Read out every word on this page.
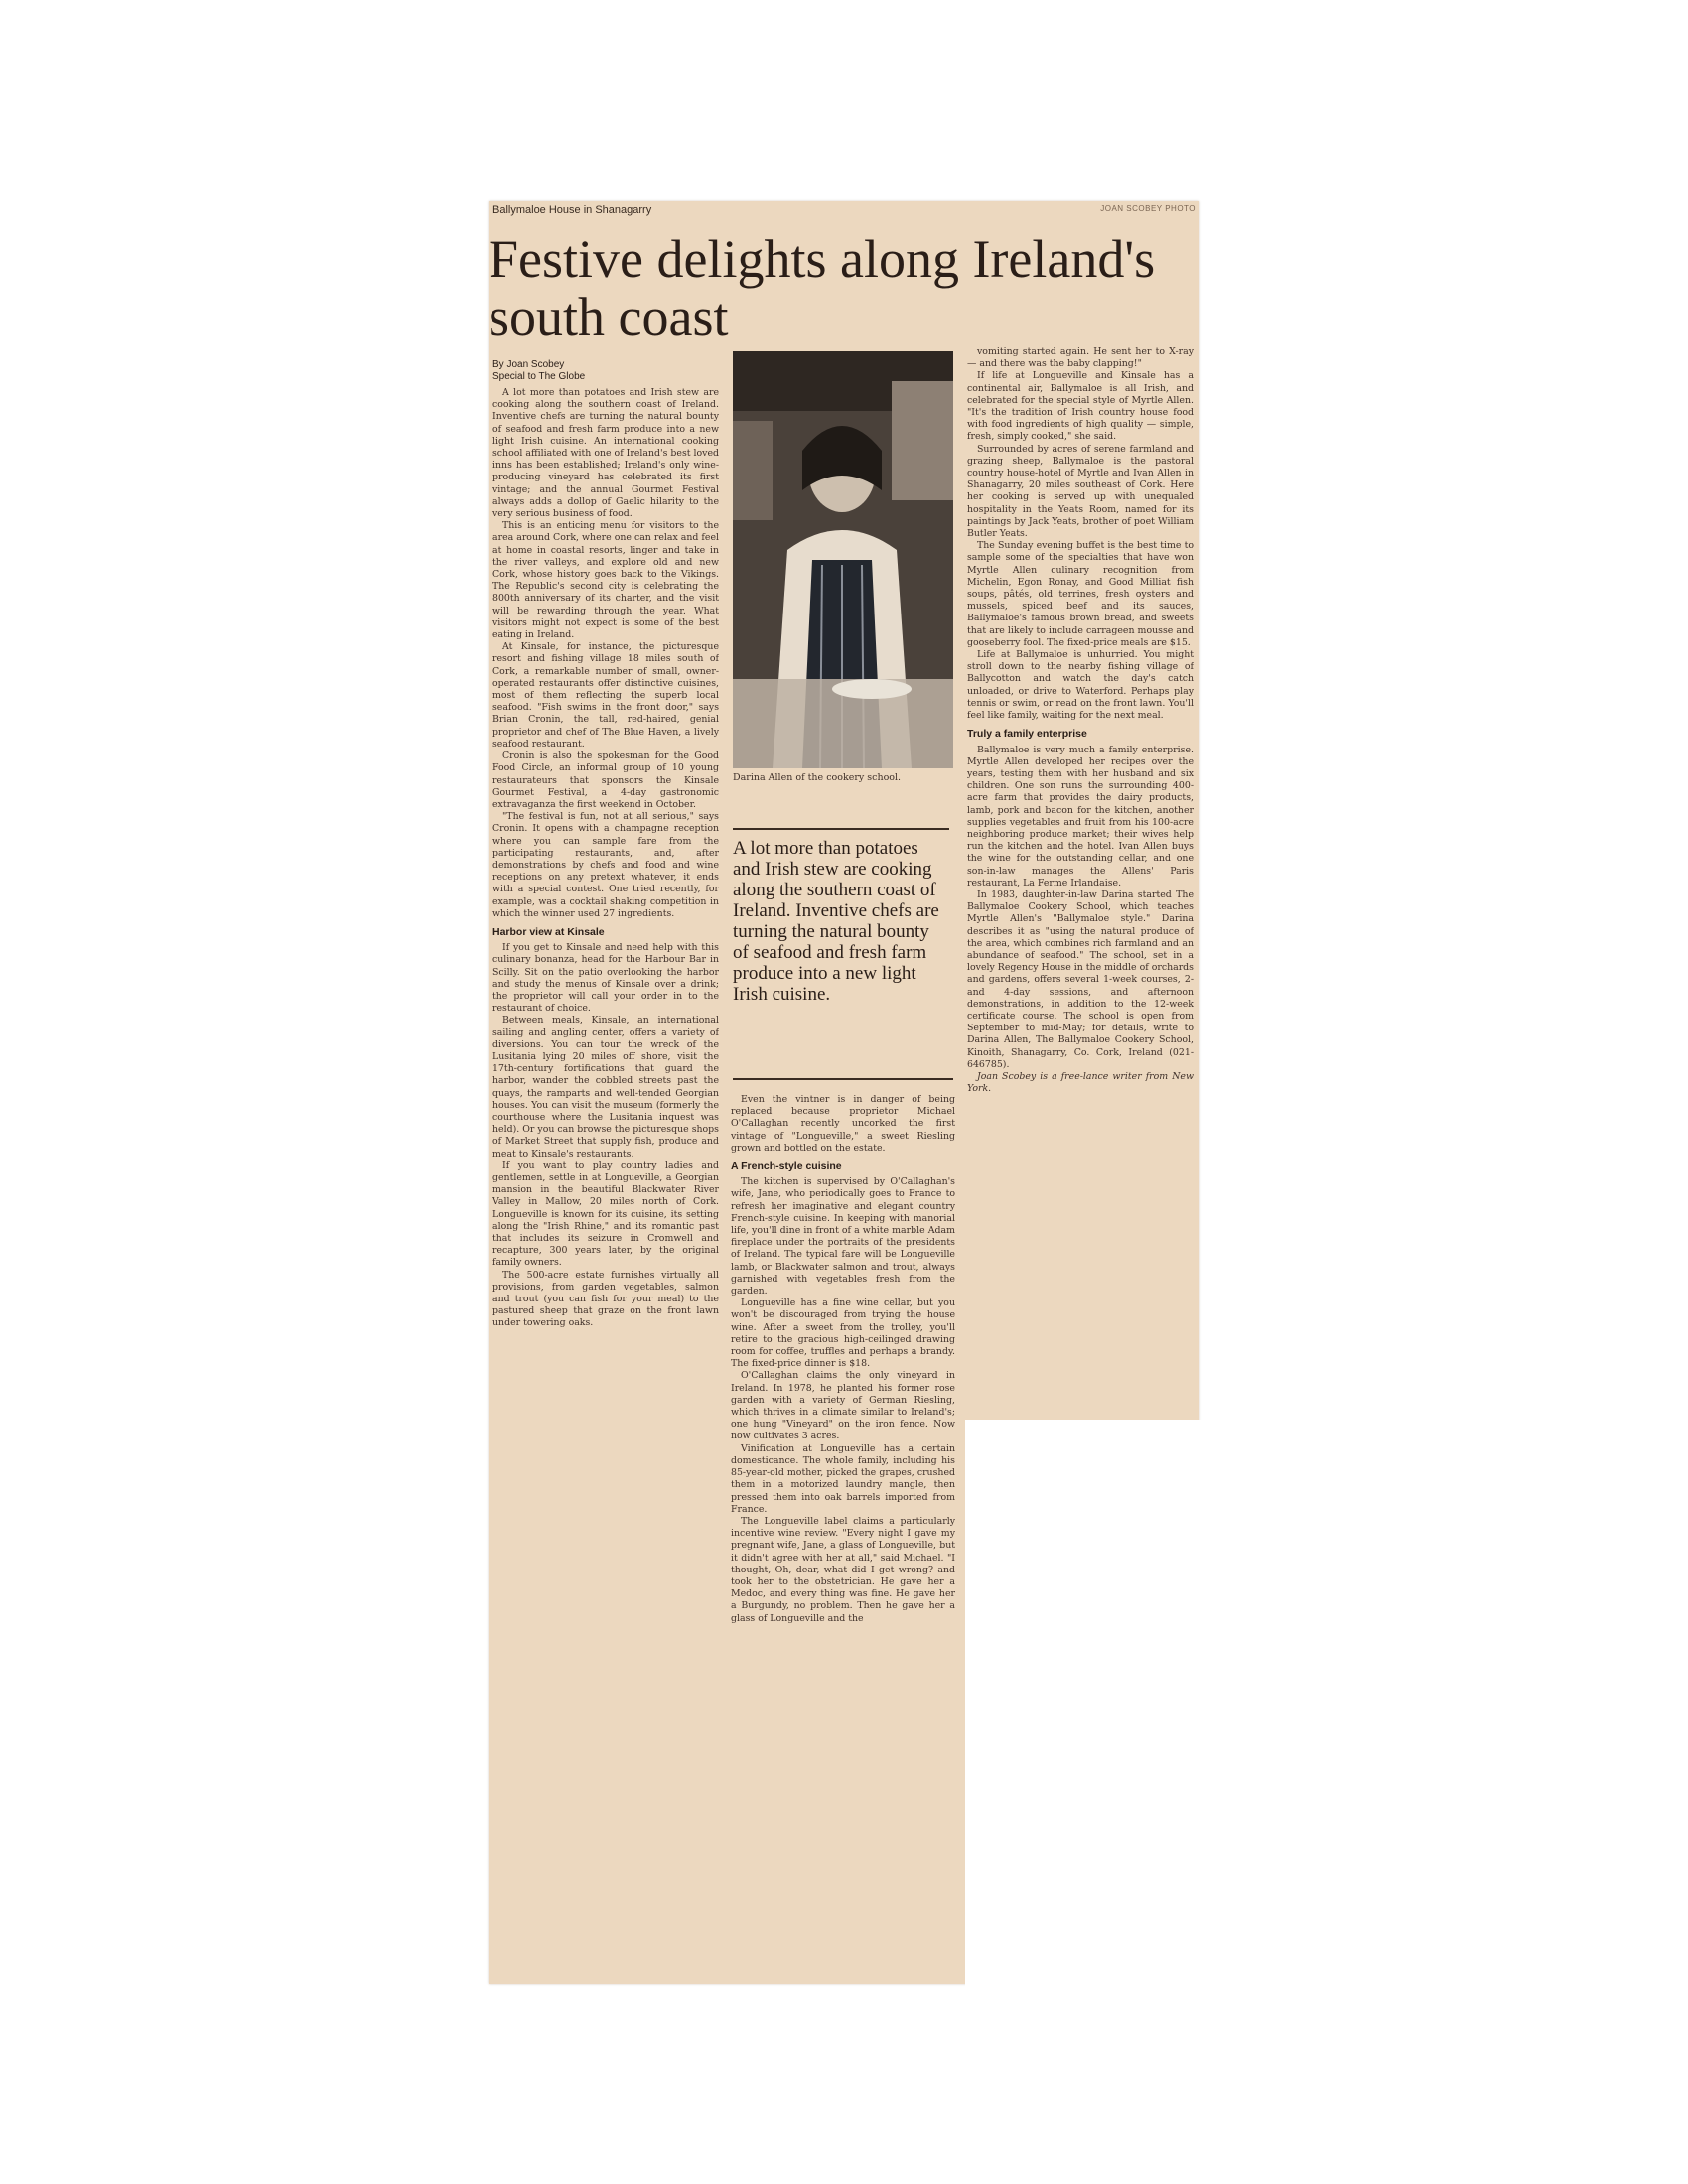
Ballymaloe House in Shanagarry	JOAN SCOBEY PHOTO
Festive delights along Ireland's south coast
By Joan Scobey
Special to The Globe

A lot more than potatoes and Irish stew are cooking along the southern coast of Ireland. Inventive chefs are turning the natural bounty of seafood and fresh farm produce into a new light Irish cuisine. An international cooking school affiliated with one of Ireland's best loved inns has been established; Ireland's only wine-producing vineyard has celebrated its first vintage; and the annual Gourmet Festival always adds a dollop of Gaelic hilarity to the very serious business of food.

This is an enticing menu for visitors to the area around Cork, where one can relax and feel at home in coastal resorts, linger and take in the river valleys, and explore old and new Cork, whose history goes back to the Vikings. The Republic's second city is celebrating the 800th anniversary of its charter, and the visit will be rewarding through the year. What visitors might not expect is some of the best eating in Ireland.

At Kinsale, for instance, the picturesque resort and fishing village 18 miles south of Cork, a remarkable number of small, owner-operated restaurants offer distinctive cuisines, most of them reflecting the superb local seafood. "Fish swims in the front door," says Brian Cronin, the tall, red-haired, genial proprietor and chef of The Blue Haven, a lively seafood restaurant.

Cronin is also the spokesman for the Good Food Circle, an informal group of 10 young restaurateurs that sponsors the Kinsale Gourmet Festival, a 4-day gastronomic extravaganza the first weekend in October.

"The festival is fun, not at all serious," says Cronin. It opens with a champagne reception where you can sample fare from the participating restaurants, and, after demonstrations by chefs and food and wine receptions on any pretext whatever, it ends with a special contest. One tried recently, for example, was a cocktail shaking competition in which the winner used 27 ingredients.

Harbor view at Kinsale

If you get to Kinsale and need help with this culinary bonanza, head for the Harbour Bar in Scilly. Sit on the patio overlooking the harbor and study the menus of Kinsale over a drink; the proprietor will call your order in to the restaurant of choice.

Between meals, Kinsale, an international sailing and angling center, offers a variety of diversions. You can tour the wreck of the Lusitania lying 20 miles off shore, visit the 17th-century fortifications that guard the harbor, wander the cobbled streets past the quays, the ramparts and well-tended Georgian houses. You can visit the museum (formerly the courthouse where the Lusitania inquest was held). Or you can browse the picturesque shops of Market Street that supply fish, produce and meat to Kinsale's restaurants.

If you want to play country ladies and gentlemen, settle in at Longueville, a Georgian mansion in the beautiful Blackwater River Valley in Mallow, 20 miles north of Cork. Longueville is known for its cuisine, its setting along the "Irish Rhine," and its romantic past that includes its seizure in Cromwell and recapture, 300 years later, by the original family owners.

The 500-acre estate furnishes virtually all provisions, from garden vegetables, salmon and trout (you can fish for your meal) to the pastured sheep that graze on the front lawn under towering oaks.

Darina Allen of the cookery school.
A lot more than potatoes and Irish stew are cooking along the southern coast of Ireland. Inventive chefs are turning the natural bounty of seafood and fresh farm produce into a new light Irish cuisine.

Even the vintner is in danger of being replaced because proprietor Michael O'Callaghan recently uncorked the first vintage of "Longueville," a sweet Riesling grown and bottled on the estate.

A French-style cuisine

The kitchen is supervised by O'Callaghan's wife, Jane, who periodically goes to France to refresh her imaginative and elegant country French-style cuisine. In keeping with manorial life, you'll dine in front of a white marble Adam fireplace under the portraits of the presidents of Ireland. The typical fare will be Longueville lamb, or Blackwater salmon and trout, always garnished with vegetables fresh from the garden.

Longueville has a fine wine cellar, but you won't be discouraged from trying the house wine. After a sweet from the trolley, you'll retire to the gracious high-ceilinged drawing room for coffee, truffles and perhaps a brandy. The fixed-price dinner is $18.

O'Callaghan claims the only vineyard in Ireland. In 1978, he planted his former rose garden with a variety of German Riesling, which thrives in a climate similar to Ireland's; one hung "Vineyard" on the iron fence. Now now cultivates 3 acres.

Vinification at Longueville has a certain domesticance. The whole family, including his 85-year-old mother, picked the grapes, crushed them in a motorized laundry mangle, then pressed them into oak barrels imported from France.

The Longueville label claims a particularly incentive wine review. "Every night I gave my pregnant wife, Jane, a glass of Longueville, but it didn't agree with her at all," said Michael. "I thought, Oh, dear, what did I get wrong? and took her to the obstetrician. He gave her a Medoc, and every thing was fine. He gave her a Burgundy, no problem. Then he gave her a glass of Longueville and the

vomiting started again. He sent her to X-ray — and there was the baby clapping!"

If life at Longueville and Kinsale has a continental air, Ballymaloe is all Irish, and celebrated for the special style of Myrtle Allen. "It's the tradition of Irish country house food with food ingredients of high quality — simple, fresh, simply cooked," she said.

Surrounded by acres of serene farmland and grazing sheep, Ballymaloe is the pastoral country house-hotel of Myrtle and Ivan Allen in Shanagarry, 20 miles southeast of Cork. Here her cooking is served up with unequaled hospitality in the Yeats Room, named for its paintings by Jack Yeats, brother of poet William Butler Yeats.

The Sunday evening buffet is the best time to sample some of the specialties that have won Myrtle Allen culinary recognition from Michelin, Egon Ronay, and Good Milliat fish soups, pâtés, old terrines, fresh oysters and mussels, spiced beef and its sauces, Ballymaloe's famous brown bread, and sweets that are likely to include carrageen mousse and gooseberry fool. The fixed-price meals are $15.

Life at Ballymaloe is unhurried. You might stroll down to the nearby fishing village of Ballycotton and watch the day's catch unloaded, or drive to Waterford. Perhaps play tennis or swim, or read on the front lawn. You'll feel like family, waiting for the next meal.

Truly a family enterprise

Ballymaloe is very much a family enterprise. Myrtle Allen developed her recipes over the years, testing them with her husband and six children. One son runs the surrounding 400-acre farm that provides the dairy products, lamb, pork and bacon for the kitchen, another supplies vegetables and fruit from his 100-acre neighboring produce market; their wives help run the kitchen and the hotel. Ivan Allen buys the wine for the outstanding cellar, and one son-in-law manages the Allens' Paris restaurant, La Ferme Irlandaise.

In 1983, daughter-in-law Darina started The Ballymaloe Cookery School, which teaches Myrtle Allen's "Ballymaloe style." Darina describes it as "using the natural produce of the area, which combines rich farmland and an abundance of seafood." The school, set in a lovely Regency House in the middle of orchards and gardens, offers several 1-week courses, 2- and 4-day sessions, and afternoon demonstrations, in addition to the 12-week certificate course. The school is open from September to mid-May; for details, write to Darina Allen, The Ballymaloe Cookery School, Kinoith, Shanagarry, Co. Cork, Ireland (021-646785).

Joan Scobey is a free-lance writer from New York.
